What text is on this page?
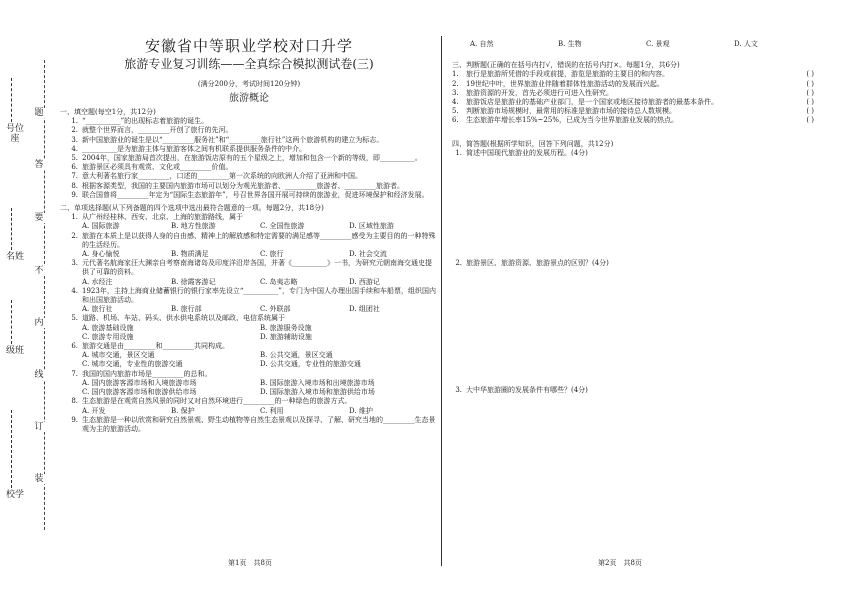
题
答
要
不
内
线
订
装
号位座
名姓
级班
校学
安徽省中等职业学校对口升学
旅游专业复习训练——全真综合模拟测试卷(三)
(满分200分，考试时间120分钟)
旅游概论
一、填空题(每空1分，共12分)
1. “__________”的出现标志着旅游的诞生。
2. 就整个世界而言，_________开创了旅行的先河。
3. 新中国旅游业的诞生是以“_________服务社”和“_________旅行社”这两个旅游机构的建立为标志。
4. __________是为旅游主体与旅游客体之间有机联系提供服务条件的中介。
5. 2004年，国家旅游局首次提出，在旅游饭店原有的五个星级之上，增加和包含一个新的等级，即__________。
6. 旅游景区必须具有观赏、文化或_________价值。
7. 意大利著名旅行家_________，口述的_________第一次系统的向欧洲人介绍了亚洲和中国。
8. 根据客源类型，我国的主要国内旅游市场可以划分为观光旅游者、_________旅游者、_________旅游者。
9. 联合国曾将_________年定为“国际生态旅游年”，号召世界各国开展可持续的旅游业，促进环境保护和经济发展。
二、单项选择题(从下列备题的四个选项中选出最符合题意的一项。每题2分，共18分)
1. 从广州经桂林、西安、北京、上海的旅游路线，属于
A. 国际旅游	B. 地方性旅游	C. 全国性旅游	D. 区域性旅游
2. 旅游在本质上是以获得人身的自由感、精神上的解放感和特定需要的满足感等_________感受为主要目的的一种特殊的生活经历。
A. 身心愉悦	B. 物质满足	C. 旅行	D. 社会交流
3. 元代著名航海家汪大渊亲自考察南海诸岛及印度洋沿岸各国，并著《__________》一书，为研究元朝南海交通史提供了可靠的资料。
A. 水经注	B. 徐霞客游记	C. 岛夷志略	D. 西游记
4. 1923年，主持上海商业储蓄银行的银行家率先设立“__________”，专门为中国人办理出国手续和车船票，组织国内和出国旅游活动。
A. 旅行社	B. 旅行部	C. 外联部	D. 组团社
5. 道路、机场、车站、码头、供水供电系统以及邮政、电信系统属于
A. 旅游基础设施	B. 旅游服务设施
C. 旅游专用设施	D. 旅游辅助设施
6. 旅游交通是由_________和_________共同构成。
A. 城市交通，景区交通	B. 公共交通，景区交通
C. 城市交通，专业性的旅游交通	D. 公共交通，专业性的旅游交通
7. 我国的国内旅游市场是_________的总和。
A. 国内旅游客源市场和入境旅游市场	B. 国际旅游入境市场和出境旅游市场
C. 国内旅游客源市场和旅游供给市场	D. 国际旅游入境市场和旅游供给市场
8. 生态旅游是在观赏自然风景的同时又对自然环境进行_________的一种绿色的旅游方式。
A. 开发	B. 保护	C. 利用	D. 维护
9. 生态旅游是一种以欣赏和研究自然景观、野生动植物等自然生态景观以及探寻、了解、研究当地的_________生态景观为主的旅游活动。
A. 自然	B. 生物	C. 景观	D. 人文
三、判断题(正确的在括号内打√，错误的在括号内打×。每题1分，共6分)
1.	旅行是旅游所凭借的手段或前提，游览是旅游的主要目的和内容。	( )
2.	19世纪中叶，世界旅游业伴随着群体性旅游活动的发展而兴起。	( )
3.	旅游资源的开发，首先必须进行可进入性研究。	( )
4.	旅游饭店是旅游业的基础产业部门，是一个国家或地区接待旅游者的最基本条件。	( )
5.	判断旅游市场规模时，最常用的标准是旅游市场的接待总人数规模。	( )
6.	生态旅游年增长率15%~25%，已成为当今世界旅游业发展的热点。	( )
四、简答题(根据所学知识，回答下列问题，共12分)
1. 简述中国现代旅游业的发展历程。(4分)
2. 旅游景区、旅游资源、旅游景点的区别？(4分)
3. 大中华旅游圈的发展条件有哪些？(4分)
第1页　共8页	第2页　共8页
